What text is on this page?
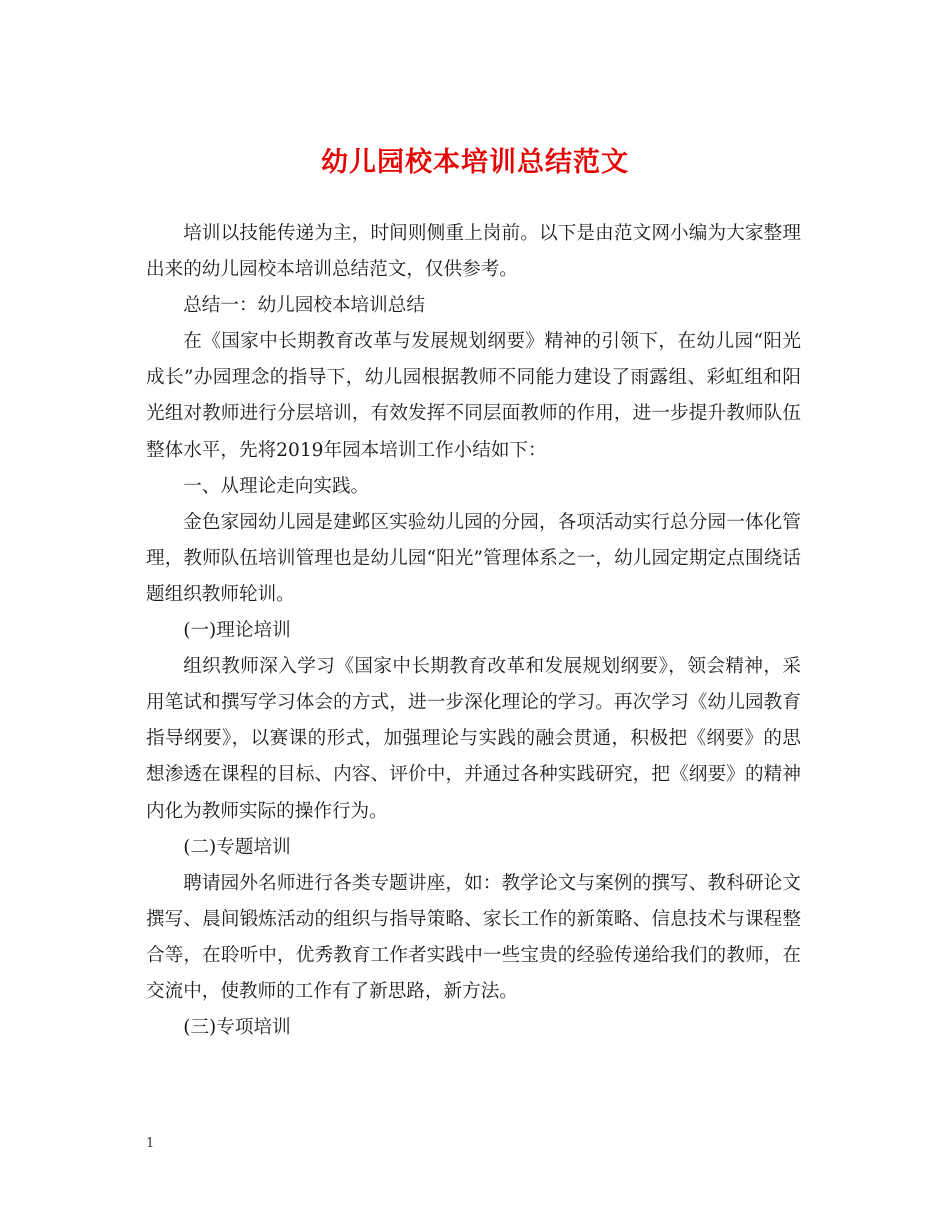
幼儿园校本培训总结范文

培训以技能传递为主，时间则侧重上岗前。以下是由范文网小编为大家整理出来的幼儿园校本培训总结范文，仅供参考。

总结一：幼儿园校本培训总结

在《国家中长期教育改革与发展规划纲要》精神的引领下，在幼儿园“阳光成长”办园理念的指导下，幼儿园根据教师不同能力建设了雨露组、彩虹组和阳光组对教师进行分层培训，有效发挥不同层面教师的作用，进一步提升教师队伍整体水平，先将2019年园本培训工作小结如下：

一、从理论走向实践。

金色家园幼儿园是建邺区实验幼儿园的分园，各项活动实行总分园一体化管理，教师队伍培训管理也是幼儿园“阳光”管理体系之一，幼儿园定期定点围绕话题组织教师轮训。

(一)理论培训

组织教师深入学习《国家中长期教育改革和发展规划纲要》，领会精神，采用笔试和撰写学习体会的方式，进一步深化理论的学习。再次学习《幼儿园教育指导纲要》，以赛课的形式，加强理论与实践的融会贯通，积极把《纲要》的思想渗透在课程的目标、内容、评价中，并通过各种实践研究，把《纲要》的精神内化为教师实际的操作行为。

(二)专题培训

聘请园外名师进行各类专题讲座，如：教学论文与案例的撰写、教科研论文撰写、晨间锻炼活动的组织与指导策略、家长工作的新策略、信息技术与课程整合等，在聆听中，优秀教育工作者实践中一些宝贵的经验传递给我们的教师，在交流中，使教师的工作有了新思路，新方法。

(三)专项培训

1
